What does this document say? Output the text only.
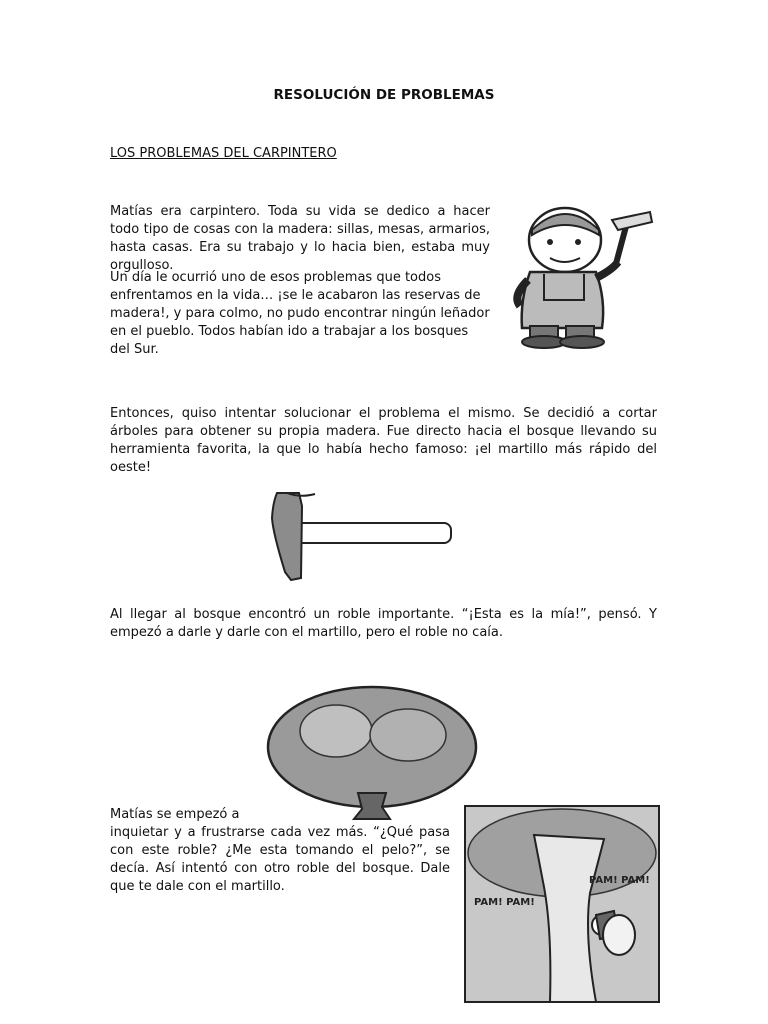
RESOLUCIÓN DE PROBLEMAS
LOS PROBLEMAS DEL CARPINTERO
Matías era carpintero. Toda su vida se dedico a hacer todo tipo de cosas con la madera: sillas, mesas, armarios, hasta casas. Era su trabajo y lo hacia bien, estaba muy orgulloso.
Un día le ocurrió uno de esos problemas que todos enfrentamos en la vida… ¡se le acabaron las reservas de madera!, y para colmo, no pudo encontrar ningún leñador en el pueblo. Todos habían ido a trabajar a los bosques del Sur.
Entonces, quiso intentar solucionar el problema el mismo. Se decidió a cortar árboles para obtener su propia madera. Fue directo hacia el bosque llevando su herramienta favorita, la que lo había hecho famoso: ¡el martillo más rápido del oeste!
Al llegar al bosque encontró un roble importante. “¡Esta es la mía!”, pensó. Y empezó a darle y darle con el martillo, pero el roble no caía.
Matías se empezó a
inquietar y a frustrarse cada vez más. “¿Qué pasa con este roble? ¿Me esta tomando el pelo?”, se decía. Así intentó con otro roble del bosque. Dale que te dale con el martillo.
PAM! PAM!
PAM! PAM!
